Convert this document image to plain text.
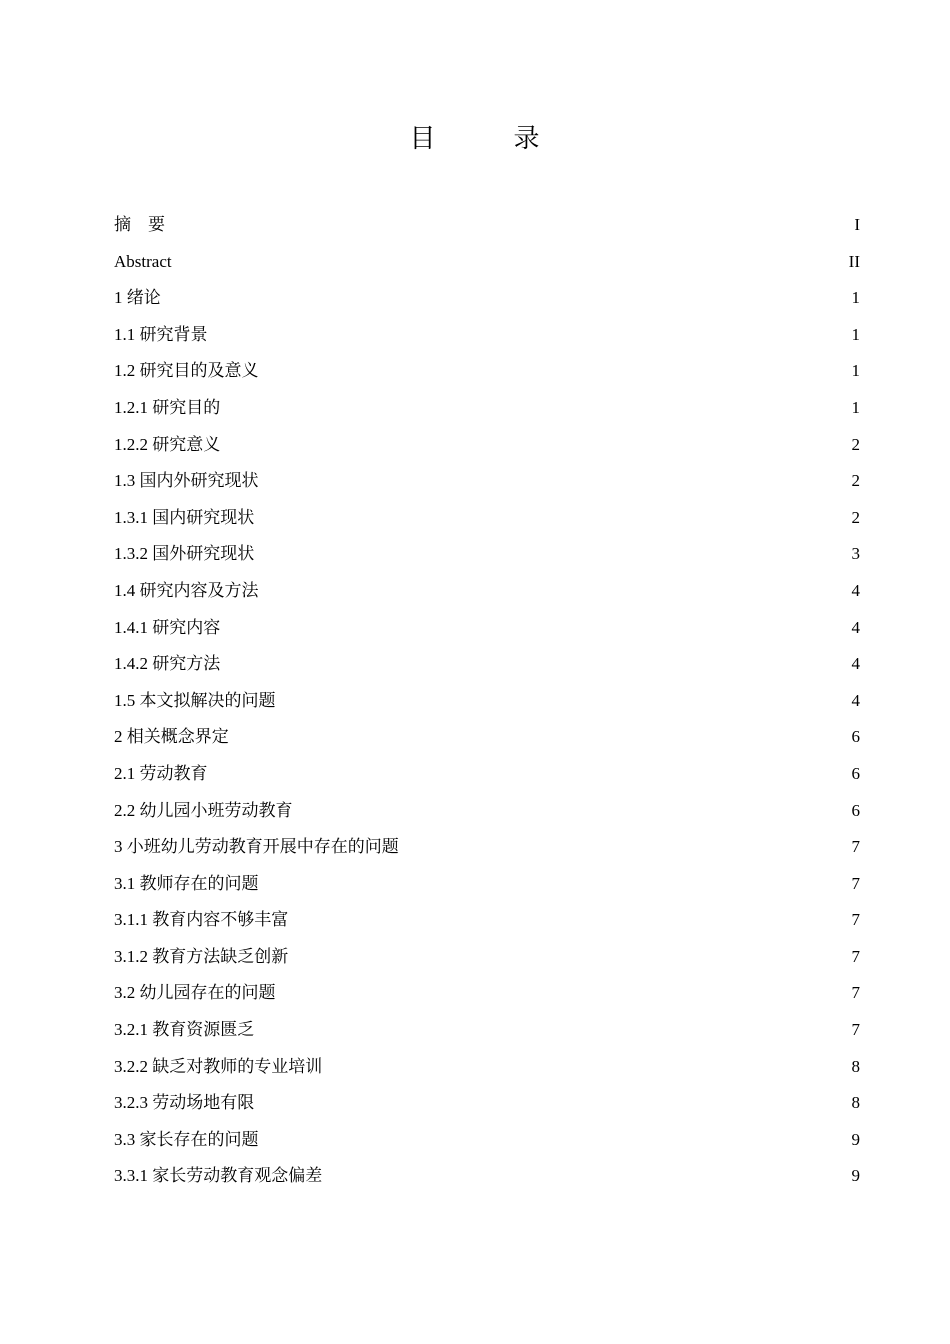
目　录
摘　要	I
Abstract	II
1 绪论	1
1.1 研究背景	1
1.2 研究目的及意义	1
1.2.1 研究目的	1
1.2.2 研究意义	2
1.3 国内外研究现状	2
1.3.1 国内研究现状	2
1.3.2 国外研究现状	3
1.4 研究内容及方法	4
1.4.1 研究内容	4
1.4.2 研究方法	4
1.5 本文拟解决的问题	4
2 相关概念界定	6
2.1 劳动教育	6
2.2 幼儿园小班劳动教育	6
3 小班幼儿劳动教育开展中存在的问题	7
3.1 教师存在的问题	7
3.1.1 教育内容不够丰富	7
3.1.2 教育方法缺乏创新	7
3.2 幼儿园存在的问题	7
3.2.1 教育资源匮乏	7
3.2.2 缺乏对教师的专业培训	8
3.2.3 劳动场地有限	8
3.3 家长存在的问题	9
3.3.1 家长劳动教育观念偏差	9
